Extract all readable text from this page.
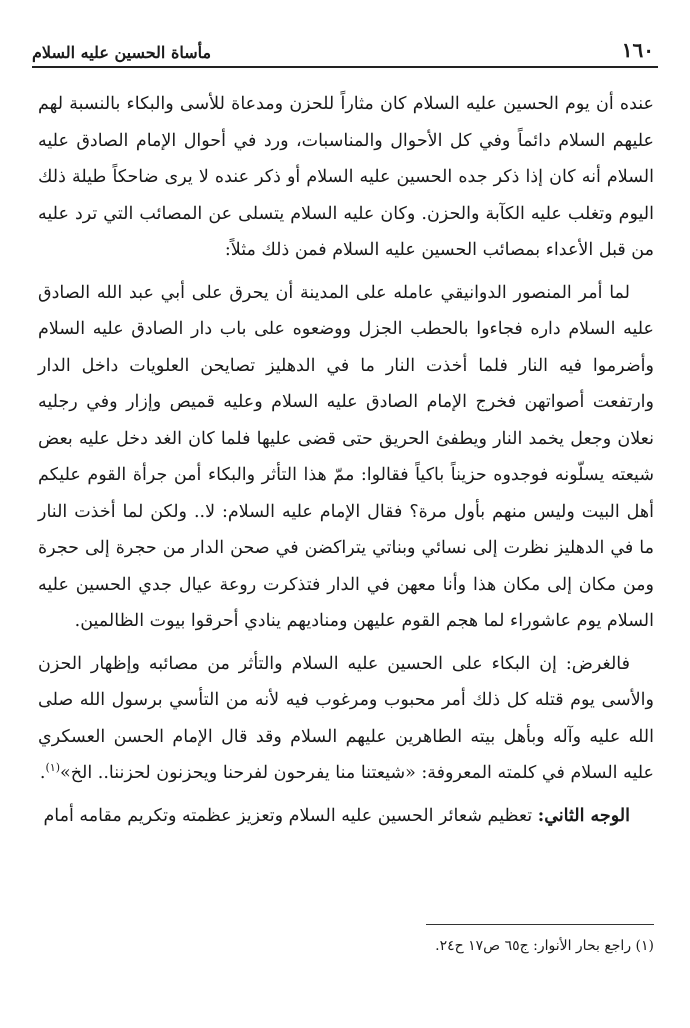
١٦٠
مأساة الحسين عليه السلام

عنده أن يوم الحسين عليه السلام كان مثاراً للحزن ومدعاة للأسى والبكاء بالنسبة لهم عليهم السلام دائماً وفي كل الأحوال والمناسبات، ورد في أحوال الإمام الصادق عليه السلام أنه كان إذا ذكر جده الحسين عليه السلام أو ذكر عنده لا يرى ضاحكاً طيلة ذلك اليوم وتغلب عليه الكآبة والحزن. وكان عليه السلام يتسلى عن المصائب التي ترد عليه من قبل الأعداء بمصائب الحسين عليه السلام فمن ذلك مثلاً:

لما أمر المنصور الدوانيقي عامله على المدينة أن يحرق على أبي عبد الله الصادق عليه السلام داره فجاءوا بالحطب الجزل ووضعوه على باب دار الصادق عليه السلام وأضرموا فيه النار فلما أخذت النار ما في الدهليز تصايحن العلويات داخل الدار وارتفعت أصواتهن فخرج الإمام الصادق عليه السلام وعليه قميص وإزار وفي رجليه نعلان وجعل يخمد النار ويطفئ الحريق حتى قضى عليها فلما كان الغد دخل عليه بعض شيعته يسلّونه فوجدوه حزيناً باكياً فقالوا: ممّ هذا التأثر والبكاء أمن جرأة القوم عليكم أهل البيت وليس منهم بأول مرة؟ فقال الإمام عليه السلام: لا.. ولكن لما أخذت النار ما في الدهليز نظرت إلى نسائي وبناتي يتراكضن في صحن الدار من حجرة إلى حجرة ومن مكان إلى مكان هذا وأنا معهن في الدار فتذكرت روعة عيال جدي الحسين عليه السلام يوم عاشوراء لما هجم القوم عليهن ومناديهم ينادي أحرقوا بيوت الظالمين.

فالغرض: إن البكاء على الحسين عليه السلام والتأثر من مصائبه وإظهار الحزن والأسى يوم قتله كل ذلك أمر محبوب ومرغوب فيه لأنه من التأسي برسول الله صلى الله عليه وآله وبأهل بيته الطاهرين عليهم السلام وقد قال الإمام الحسن العسكري عليه السلام في كلمته المعروفة: «شيعتنا منا يفرحون لفرحنا ويحزنون لحزننا.. الخ»$^{(١)}$.

الوجه الثاني: تعظيم شعائر الحسين عليه السلام وتعزيز عظمته وتكريم مقامه أمام

(١) راجع بحار الأنوار: ج٦٥ ص١٧ ح٢٤.
